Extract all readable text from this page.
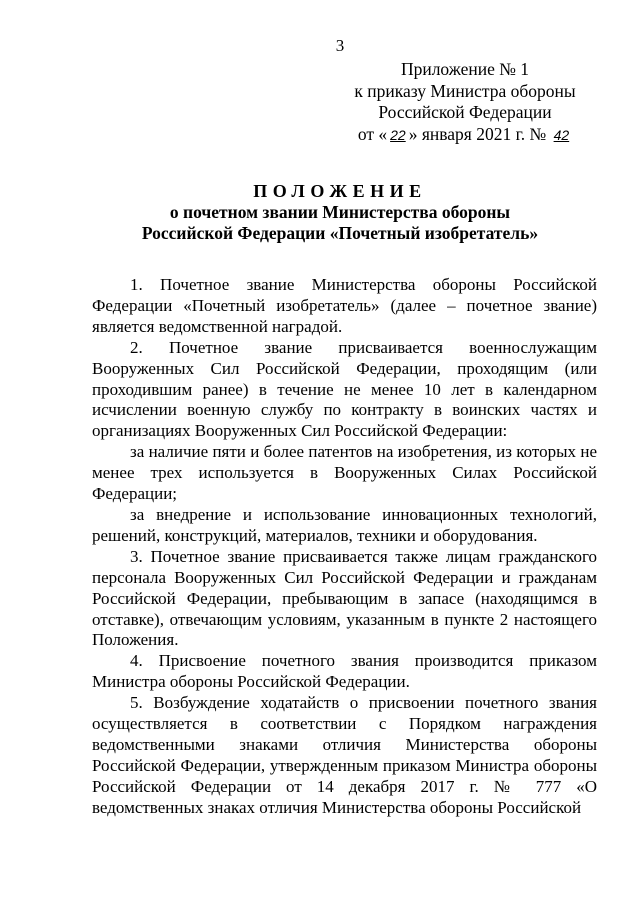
3
Приложение № 1
к приказу Министра обороны
Российской Федерации
от « 22 » января 2021 г. № 42
ПОЛОЖЕНИЕ
о почетном звании Министерства обороны
Российской Федерации «Почетный изобретатель»

1. Почетное звание Министерства обороны Российской Федерации «Почетный изобретатель» (далее – почетное звание) является ведомственной наградой.

2. Почетное звание присваивается военнослужащим Вооруженных Сил Российской Федерации, проходящим (или проходившим ранее) в течение не менее 10 лет в календарном исчислении военную службу по контракту в воинских частях и организациях Вооруженных Сил Российской Федерации:

за наличие пяти и более патентов на изобретения, из которых не менее трех используется в Вооруженных Силах Российской Федерации;

за внедрение и использование инновационных технологий, решений, конструкций, материалов, техники и оборудования.

3. Почетное звание присваивается также лицам гражданского персонала Вооруженных Сил Российской Федерации и гражданам Российской Федерации, пребывающим в запасе (находящимся в отставке), отвечающим условиям, указанным в пункте 2 настоящего Положения.

4. Присвоение почетного звания производится приказом Министра обороны Российской Федерации.

5. Возбуждение ходатайств о присвоении почетного звания осуществляется в соответствии с Порядком награждения ведомственными знаками отличия Министерства обороны Российской Федерации, утвержденным приказом Министра обороны Российской Федерации от 14 декабря 2017 г. № 777 «О ведомственных знаках отличия Министерства обороны Российской
